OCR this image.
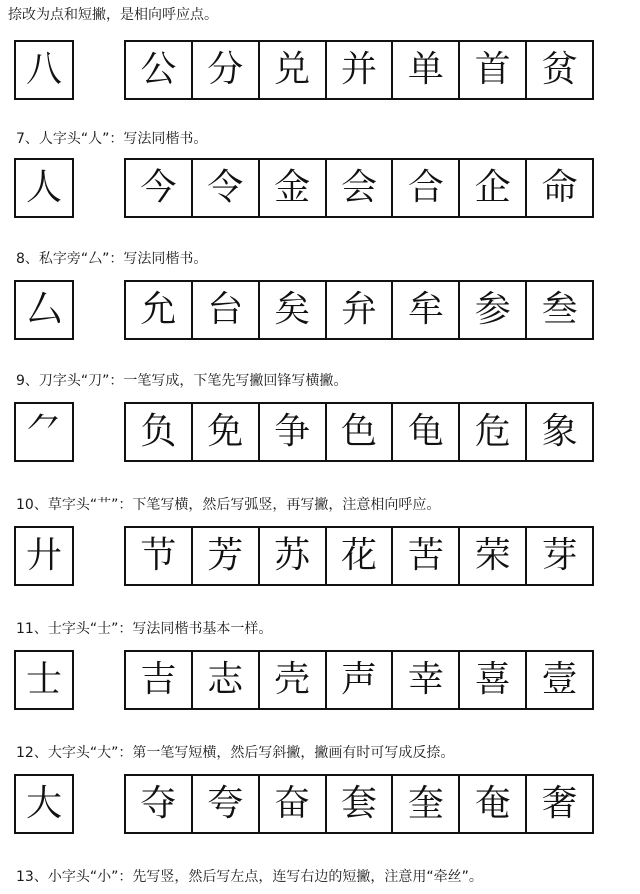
捺改为点和短撇，是相向呼应点。
八	公 分 兑 并 单 首 贫
7、人字头“人”：写法同楷书。
人	今 令 金 会 合 企 命
8、私字旁“厶”：写法同楷书。
厶	允 台 矣 弁 牟 参 叁
9、刀字头“刀”：一笔写成，下笔先写撇回锋写横撇。
⺈	负 免 争 色 龟 危 象
10、草字头“艹”：下笔写横，然后写弧竖，再写撇，注意相向呼应。
廾	节 芳 苏 花 苦 荣 芽
11、士字头“士”：写法同楷书基本一样。
士	吉 志 壳 声 幸 喜 壹
12、大字头“大”：第一笔写短横，然后写斜撇，撇画有时可写成反捺。
大	夺 夸 奋 套 奎 奄 奢
13、小字头“小”：先写竖，然后写左点，连写右边的短撇，注意用“牵丝”。
